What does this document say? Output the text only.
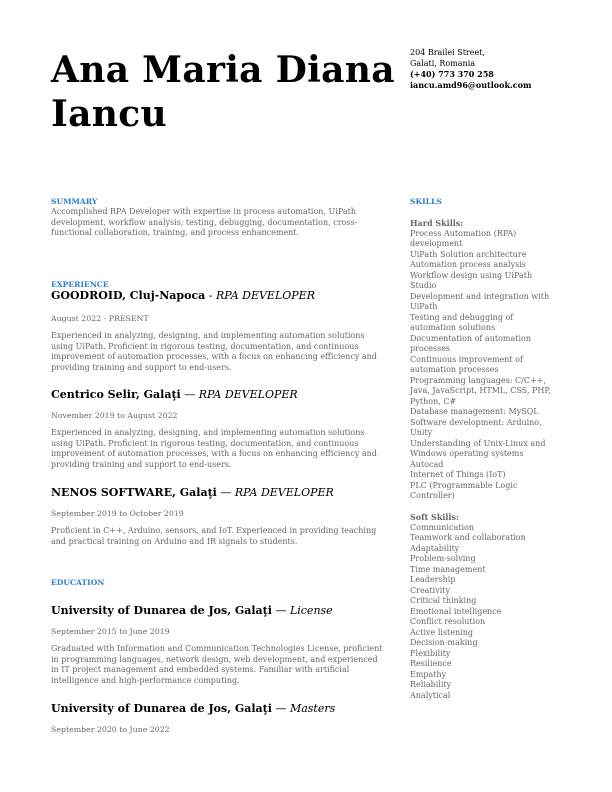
Ana Maria Diana
Iancu
204 Brailei Street,
Galati, Romania
(+40) 773 370 258
iancu.amd96@outlook.com
SUMMARY
Accomplished RPA Developer with expertise in process automation, UiPath development, workflow analysis, testing, debugging, documentation, cross-functional collaboration, training, and process enhancement.
EXPERIENCE
GOODROID, Cluj-Napoca - RPA DEVELOPER
August 2022 - PRESENT
Experienced in analyzing, designing, and implementing automation solutions using UiPath. Proficient in rigorous testing, documentation, and continuous improvement of automation processes, with a focus on enhancing efficiency and providing training and support to end-users.
Centrico Selir, Galaţi — RPA DEVELOPER
November 2019 to August 2022
Experienced in analyzing, designing, and implementing automation solutions using UiPath. Proficient in rigorous testing, documentation, and continuous improvement of automation processes, with a focus on enhancing efficiency and providing training and support to end-users.
NENOS SOFTWARE, Galaţi — RPA DEVELOPER
September 2019 to October 2019
Proficient in C++, Arduino, sensors, and IoT. Experienced in providing teaching and practical training on Arduino and IR signals to students.
EDUCATION
University of Dunarea de Jos, Galaţi — License
September 2015 to June 2019
Graduated with Information and Communication Technologies License, proficient in programming languages, network design, web development, and experienced in IT project management and embedded systems. Familiar with artificial intelligence and high-performance computing.
University of Dunarea de Jos, Galaţi — Masters
September 2020 to June 2022
SKILLS
Hard Skills:
Process Automation (RPA) development
UiPath Solution architecture
Automation process analysis
Workflow design using UiPath Studio
Development and integration with UiPath
Testing and debugging of automation solutions
Documentation of automation processes
Continuous improvement of automation processes
Programming languages: C/C++, Java, JavaScript, HTML, CSS, PHP, Python, C#
Database management: MySQL
Software development: Arduino, Unity
Understanding of Unix-Linux and Windows operating systems
Autocad
Internet of Things (IoT)
PLC (Programmable Logic Controller)
Soft Skills:
Communication
Teamwork and collaboration
Adaptability
Problem-solving
Time management
Leadership
Creativity
Critical thinking
Emotional intelligence
Conflict resolution
Active listening
Decision-making
Flexibility
Resilience
Empathy
Reliability
Analytical
